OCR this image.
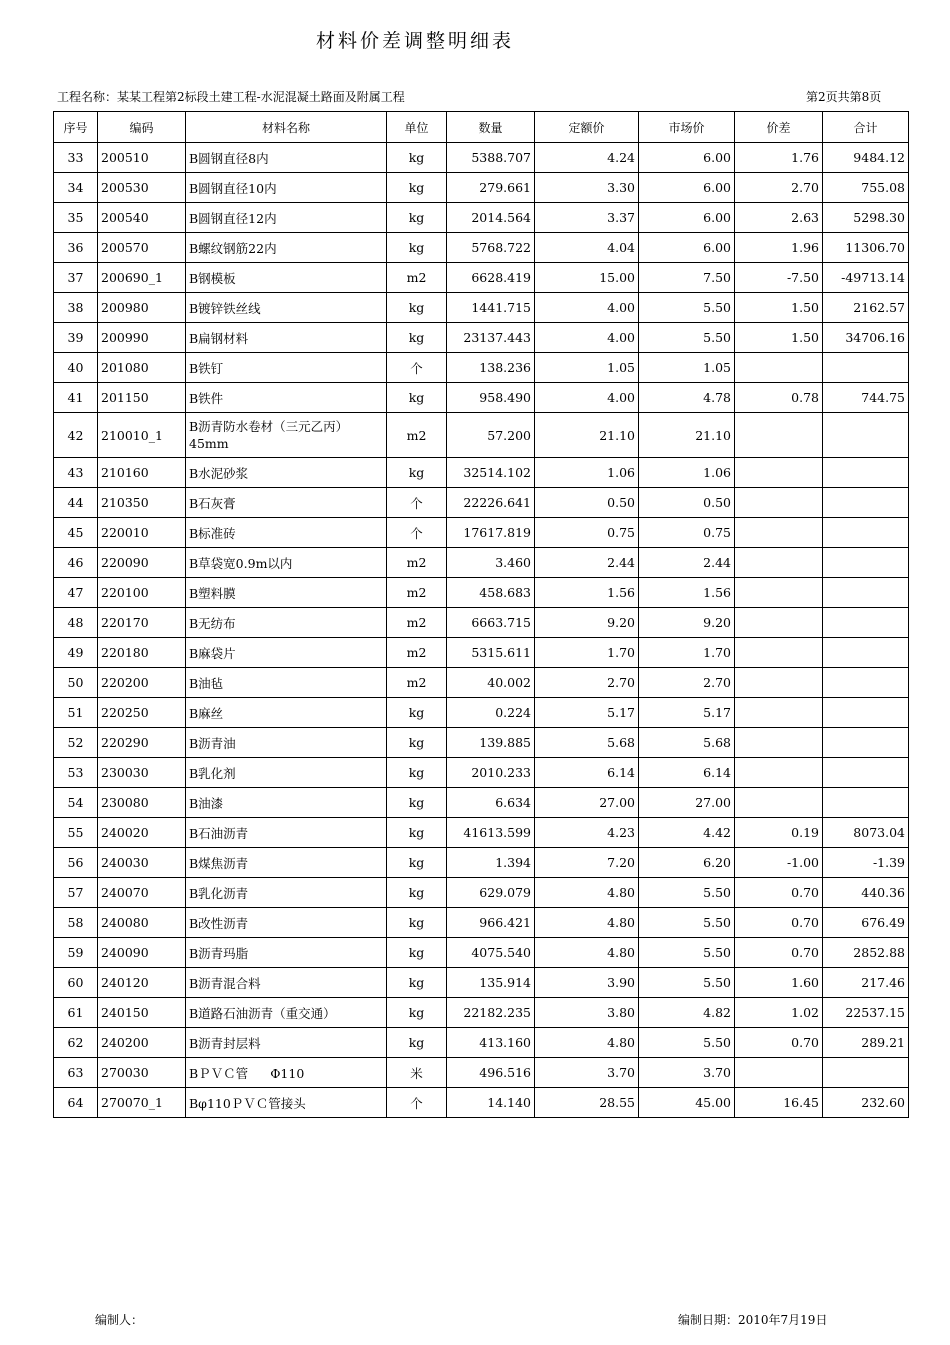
材料价差调整明细表
工程名称：某某工程第2标段土建工程-水泥混凝土路面及附属工程	第2页共第8页
序号	编码	材料名称	单位	数量	定额价	市场价	价差	合计
33	200510	B圆钢直径8内	kg	5388.707	4.24	6.00	1.76	9484.12
34	200530	B圆钢直径10内	kg	279.661	3.30	6.00	2.70	755.08
35	200540	B圆钢直径12内	kg	2014.564	3.37	6.00	2.63	5298.30
36	200570	B螺纹钢筋22内	kg	5768.722	4.04	6.00	1.96	11306.70
37	200690_1	B钢模板	m2	6628.419	15.00	7.50	-7.50	-49713.14
38	200980	B镀锌铁丝线	kg	1441.715	4.00	5.50	1.50	2162.57
39	200990	B扁钢材料	kg	23137.443	4.00	5.50	1.50	34706.16
40	201080	B铁钉	个	138.236	1.05	1.05		
41	201150	B铁件	kg	958.490	4.00	4.78	0.78	744.75
42	210010_1	B沥青防水卷材（三元乙丙）45mm	m2	57.200	21.10	21.10		
43	210160	B水泥砂浆	kg	32514.102	1.06	1.06		
44	210350	B石灰膏	个	22226.641	0.50	0.50		
45	220010	B标准砖	个	17617.819	0.75	0.75		
46	220090	B草袋宽0.9m以内	m2	3.460	2.44	2.44		
47	220100	B塑料膜	m2	458.683	1.56	1.56		
48	220170	B无纺布	m2	6663.715	9.20	9.20		
49	220180	B麻袋片	m2	5315.611	1.70	1.70		
50	220200	B油毡	m2	40.002	2.70	2.70		
51	220250	B麻丝	kg	0.224	5.17	5.17		
52	220290	B沥青油	kg	139.885	5.68	5.68		
53	230030	B乳化剂	kg	2010.233	6.14	6.14		
54	230080	B油漆	kg	6.634	27.00	27.00		
55	240020	B石油沥青	kg	41613.599	4.23	4.42	0.19	8073.04
56	240030	B煤焦沥青	kg	1.394	7.20	6.20	-1.00	-1.39
57	240070	B乳化沥青	kg	629.079	4.80	5.50	0.70	440.36
58	240080	B改性沥青	kg	966.421	4.80	5.50	0.70	676.49
59	240090	B沥青玛脂	kg	4075.540	4.80	5.50	0.70	2852.88
60	240120	B沥青混合料	kg	135.914	3.90	5.50	1.60	217.46
61	240150	B道路石油沥青（重交通）	kg	22182.235	3.80	4.82	1.02	22537.15
62	240200	B沥青封层料	kg	413.160	4.80	5.50	0.70	289.21
63	270030	BＰＶＣ管 Φ110	米	496.516	3.70	3.70		
64	270070_1	Bφ110ＰＶＣ管接头	个	14.140	28.55	45.00	16.45	232.60
编制人：	编制日期：2010年7月19日
